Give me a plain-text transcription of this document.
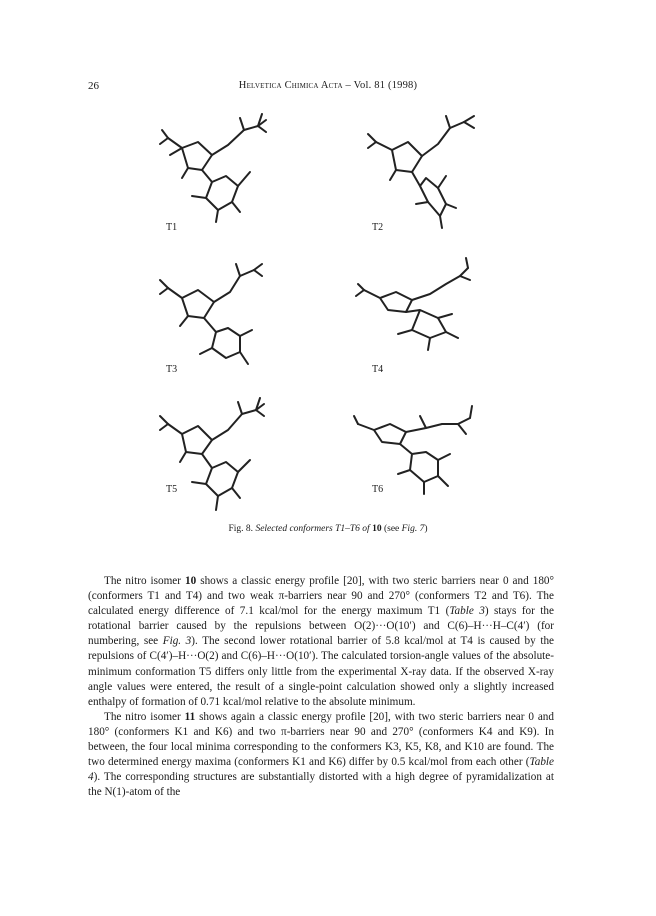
26	Helvetica Chimica Acta – Vol. 81 (1998)
T1	T2
T3	T4
T5	T6
Fig. 8. Selected conformers T1–T6 of 10 (see Fig. 7)

The nitro isomer 10 shows a classic energy profile [20], with two steric barriers near 0 and 180° (conformers T1 and T4) and two weak π-barriers near 90 and 270° (conformers T2 and T6). The calculated energy difference of 7.1 kcal/mol for the energy maximum T1 (Table 3) stays for the rotational barrier caused by the repulsions between O(2)···O(10′) and C(6)–H···H–C(4′) (for numbering, see Fig. 3). The second lower rotational barrier of 5.8 kcal/mol at T4 is caused by the repulsions of C(4′)–H···O(2) and C(6)–H···O(10′). The calculated torsion-angle values of the absolute-minimum conformation T5 differs only little from the experimental X-ray data. If the observed X-ray angle values were entered, the result of a single-point calculation showed only a slightly increased enthalpy of formation of 0.71 kcal/mol relative to the absolute minimum.

The nitro isomer 11 shows again a classic energy profile [20], with two steric barriers near 0 and 180° (conformers K1 and K6) and two π-barriers near 90 and 270° (conformers K4 and K9). In between, the four local minima corresponding to the conformers K3, K5, K8, and K10 are found. The two determined energy maxima (conformers K1 and K6) differ by 0.5 kcal/mol from each other (Table 4). The corresponding structures are substantially distorted with a high degree of pyramidalization at the N(1)-atom of the
